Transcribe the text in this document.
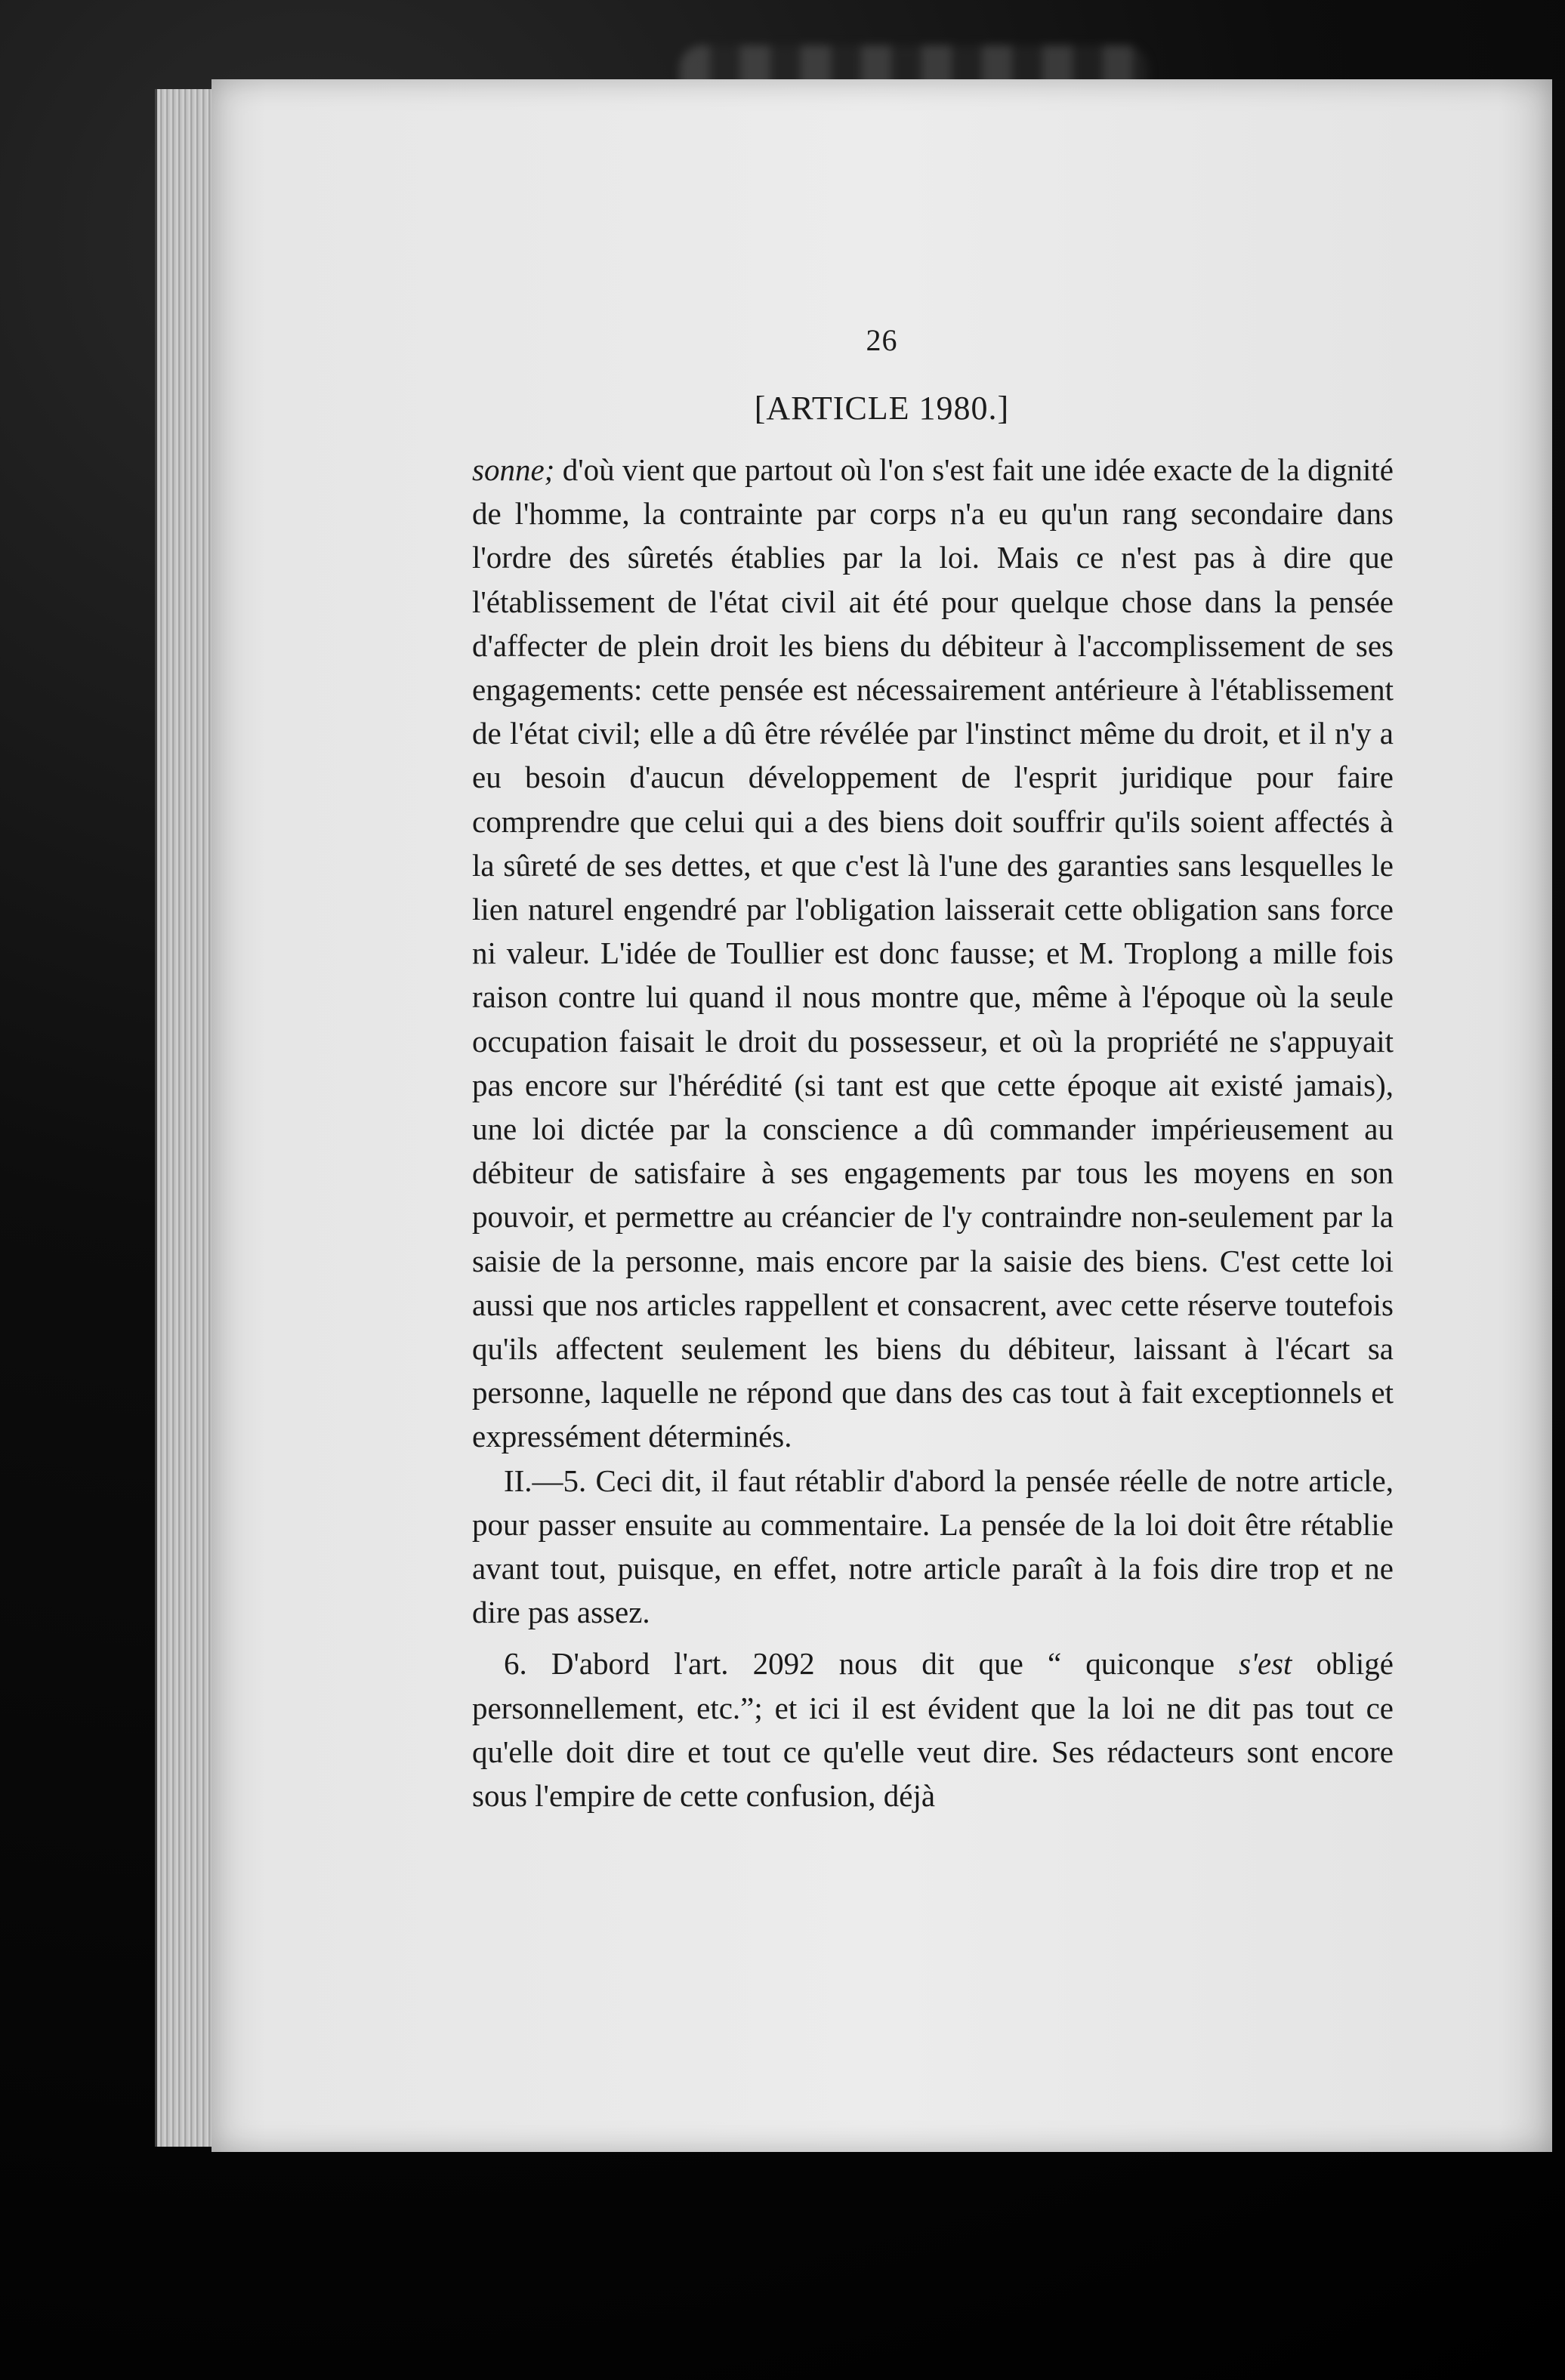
26
[ARTICLE 1980.]

sonne; d'où vient que partout où l'on s'est fait une idée exacte de la dignité de l'homme, la contrainte par corps n'a eu qu'un rang secondaire dans l'ordre des sûretés établies par la loi. Mais ce n'est pas à dire que l'établissement de l'état civil ait été pour quelque chose dans la pensée d'affecter de plein droit les biens du débiteur à l'accomplissement de ses engagements: cette pensée est nécessairement antérieure à l'établissement de l'état civil; elle a dû être révélée par l'instinct même du droit, et il n'y a eu besoin d'aucun développement de l'esprit juridique pour faire comprendre que celui qui a des biens doit souffrir qu'ils soient affectés à la sûreté de ses dettes, et que c'est là l'une des garanties sans lesquelles le lien naturel engendré par l'obligation laisserait cette obligation sans force ni valeur. L'idée de Toullier est donc fausse; et M. Troplong a mille fois raison contre lui quand il nous montre que, même à l'époque où la seule occupation faisait le droit du possesseur, et où la propriété ne s'appuyait pas encore sur l'hérédité (si tant est que cette époque ait existé jamais), une loi dictée par la conscience a dû commander impérieusement au débiteur de satisfaire à ses engagements par tous les moyens en son pouvoir, et permettre au créancier de l'y contraindre non-seulement par la saisie de la personne, mais encore par la saisie des biens. C'est cette loi aussi que nos articles rappellent et consacrent, avec cette réserve toutefois qu'ils affectent seulement les biens du débiteur, laissant à l'écart sa personne, laquelle ne répond que dans des cas tout à fait exceptionnels et expressément déterminés.

II.—5. Ceci dit, il faut rétablir d'abord la pensée réelle de notre article, pour passer ensuite au commentaire. La pensée de la loi doit être rétablie avant tout, puisque, en effet, notre article paraît à la fois dire trop et ne dire pas assez.

6. D'abord l'art. 2092 nous dit que “ quiconque s'est obligé personnellement, etc.”; et ici il est évident que la loi ne dit pas tout ce qu'elle doit dire et tout ce qu'elle veut dire. Ses rédacteurs sont encore sous l'empire de cette confusion, déjà
